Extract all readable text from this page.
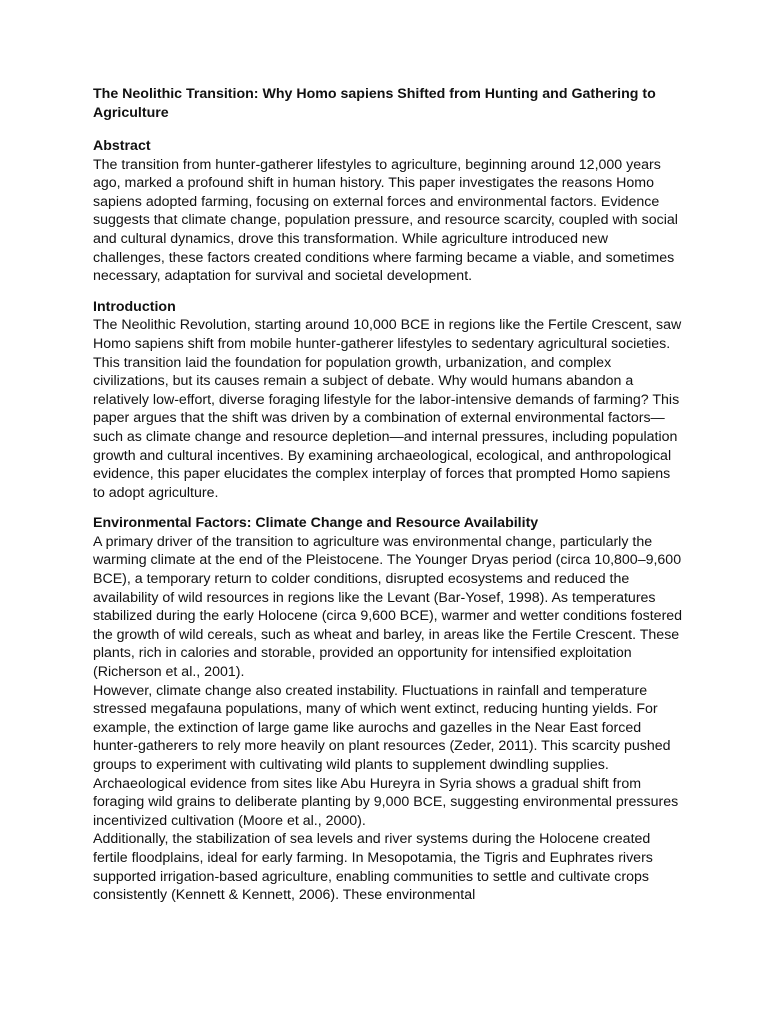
The Neolithic Transition: Why Homo sapiens Shifted from Hunting and Gathering to Agriculture

Abstract

The transition from hunter-gatherer lifestyles to agriculture, beginning around 12,000 years ago, marked a profound shift in human history. This paper investigates the reasons Homo sapiens adopted farming, focusing on external forces and environmental factors. Evidence suggests that climate change, population pressure, and resource scarcity, coupled with social and cultural dynamics, drove this transformation. While agriculture introduced new challenges, these factors created conditions where farming became a viable, and sometimes necessary, adaptation for survival and societal development.

Introduction

The Neolithic Revolution, starting around 10,000 BCE in regions like the Fertile Crescent, saw Homo sapiens shift from mobile hunter-gatherer lifestyles to sedentary agricultural societies. This transition laid the foundation for population growth, urbanization, and complex civilizations, but its causes remain a subject of debate. Why would humans abandon a relatively low-effort, diverse foraging lifestyle for the labor-intensive demands of farming? This paper argues that the shift was driven by a combination of external environmental factors—such as climate change and resource depletion—and internal pressures, including population growth and cultural incentives. By examining archaeological, ecological, and anthropological evidence, this paper elucidates the complex interplay of forces that prompted Homo sapiens to adopt agriculture.

Environmental Factors: Climate Change and Resource Availability

A primary driver of the transition to agriculture was environmental change, particularly the warming climate at the end of the Pleistocene. The Younger Dryas period (circa 10,800–9,600 BCE), a temporary return to colder conditions, disrupted ecosystems and reduced the availability of wild resources in regions like the Levant (Bar-Yosef, 1998). As temperatures stabilized during the early Holocene (circa 9,600 BCE), warmer and wetter conditions fostered the growth of wild cereals, such as wheat and barley, in areas like the Fertile Crescent. These plants, rich in calories and storable, provided an opportunity for intensified exploitation (Richerson et al., 2001).

However, climate change also created instability. Fluctuations in rainfall and temperature stressed megafauna populations, many of which went extinct, reducing hunting yields. For example, the extinction of large game like aurochs and gazelles in the Near East forced hunter-gatherers to rely more heavily on plant resources (Zeder, 2011). This scarcity pushed groups to experiment with cultivating wild plants to supplement dwindling supplies. Archaeological evidence from sites like Abu Hureyra in Syria shows a gradual shift from foraging wild grains to deliberate planting by 9,000 BCE, suggesting environmental pressures incentivized cultivation (Moore et al., 2000).

Additionally, the stabilization of sea levels and river systems during the Holocene created fertile floodplains, ideal for early farming. In Mesopotamia, the Tigris and Euphrates rivers supported irrigation-based agriculture, enabling communities to settle and cultivate crops consistently (Kennett & Kennett, 2006). These environmental
